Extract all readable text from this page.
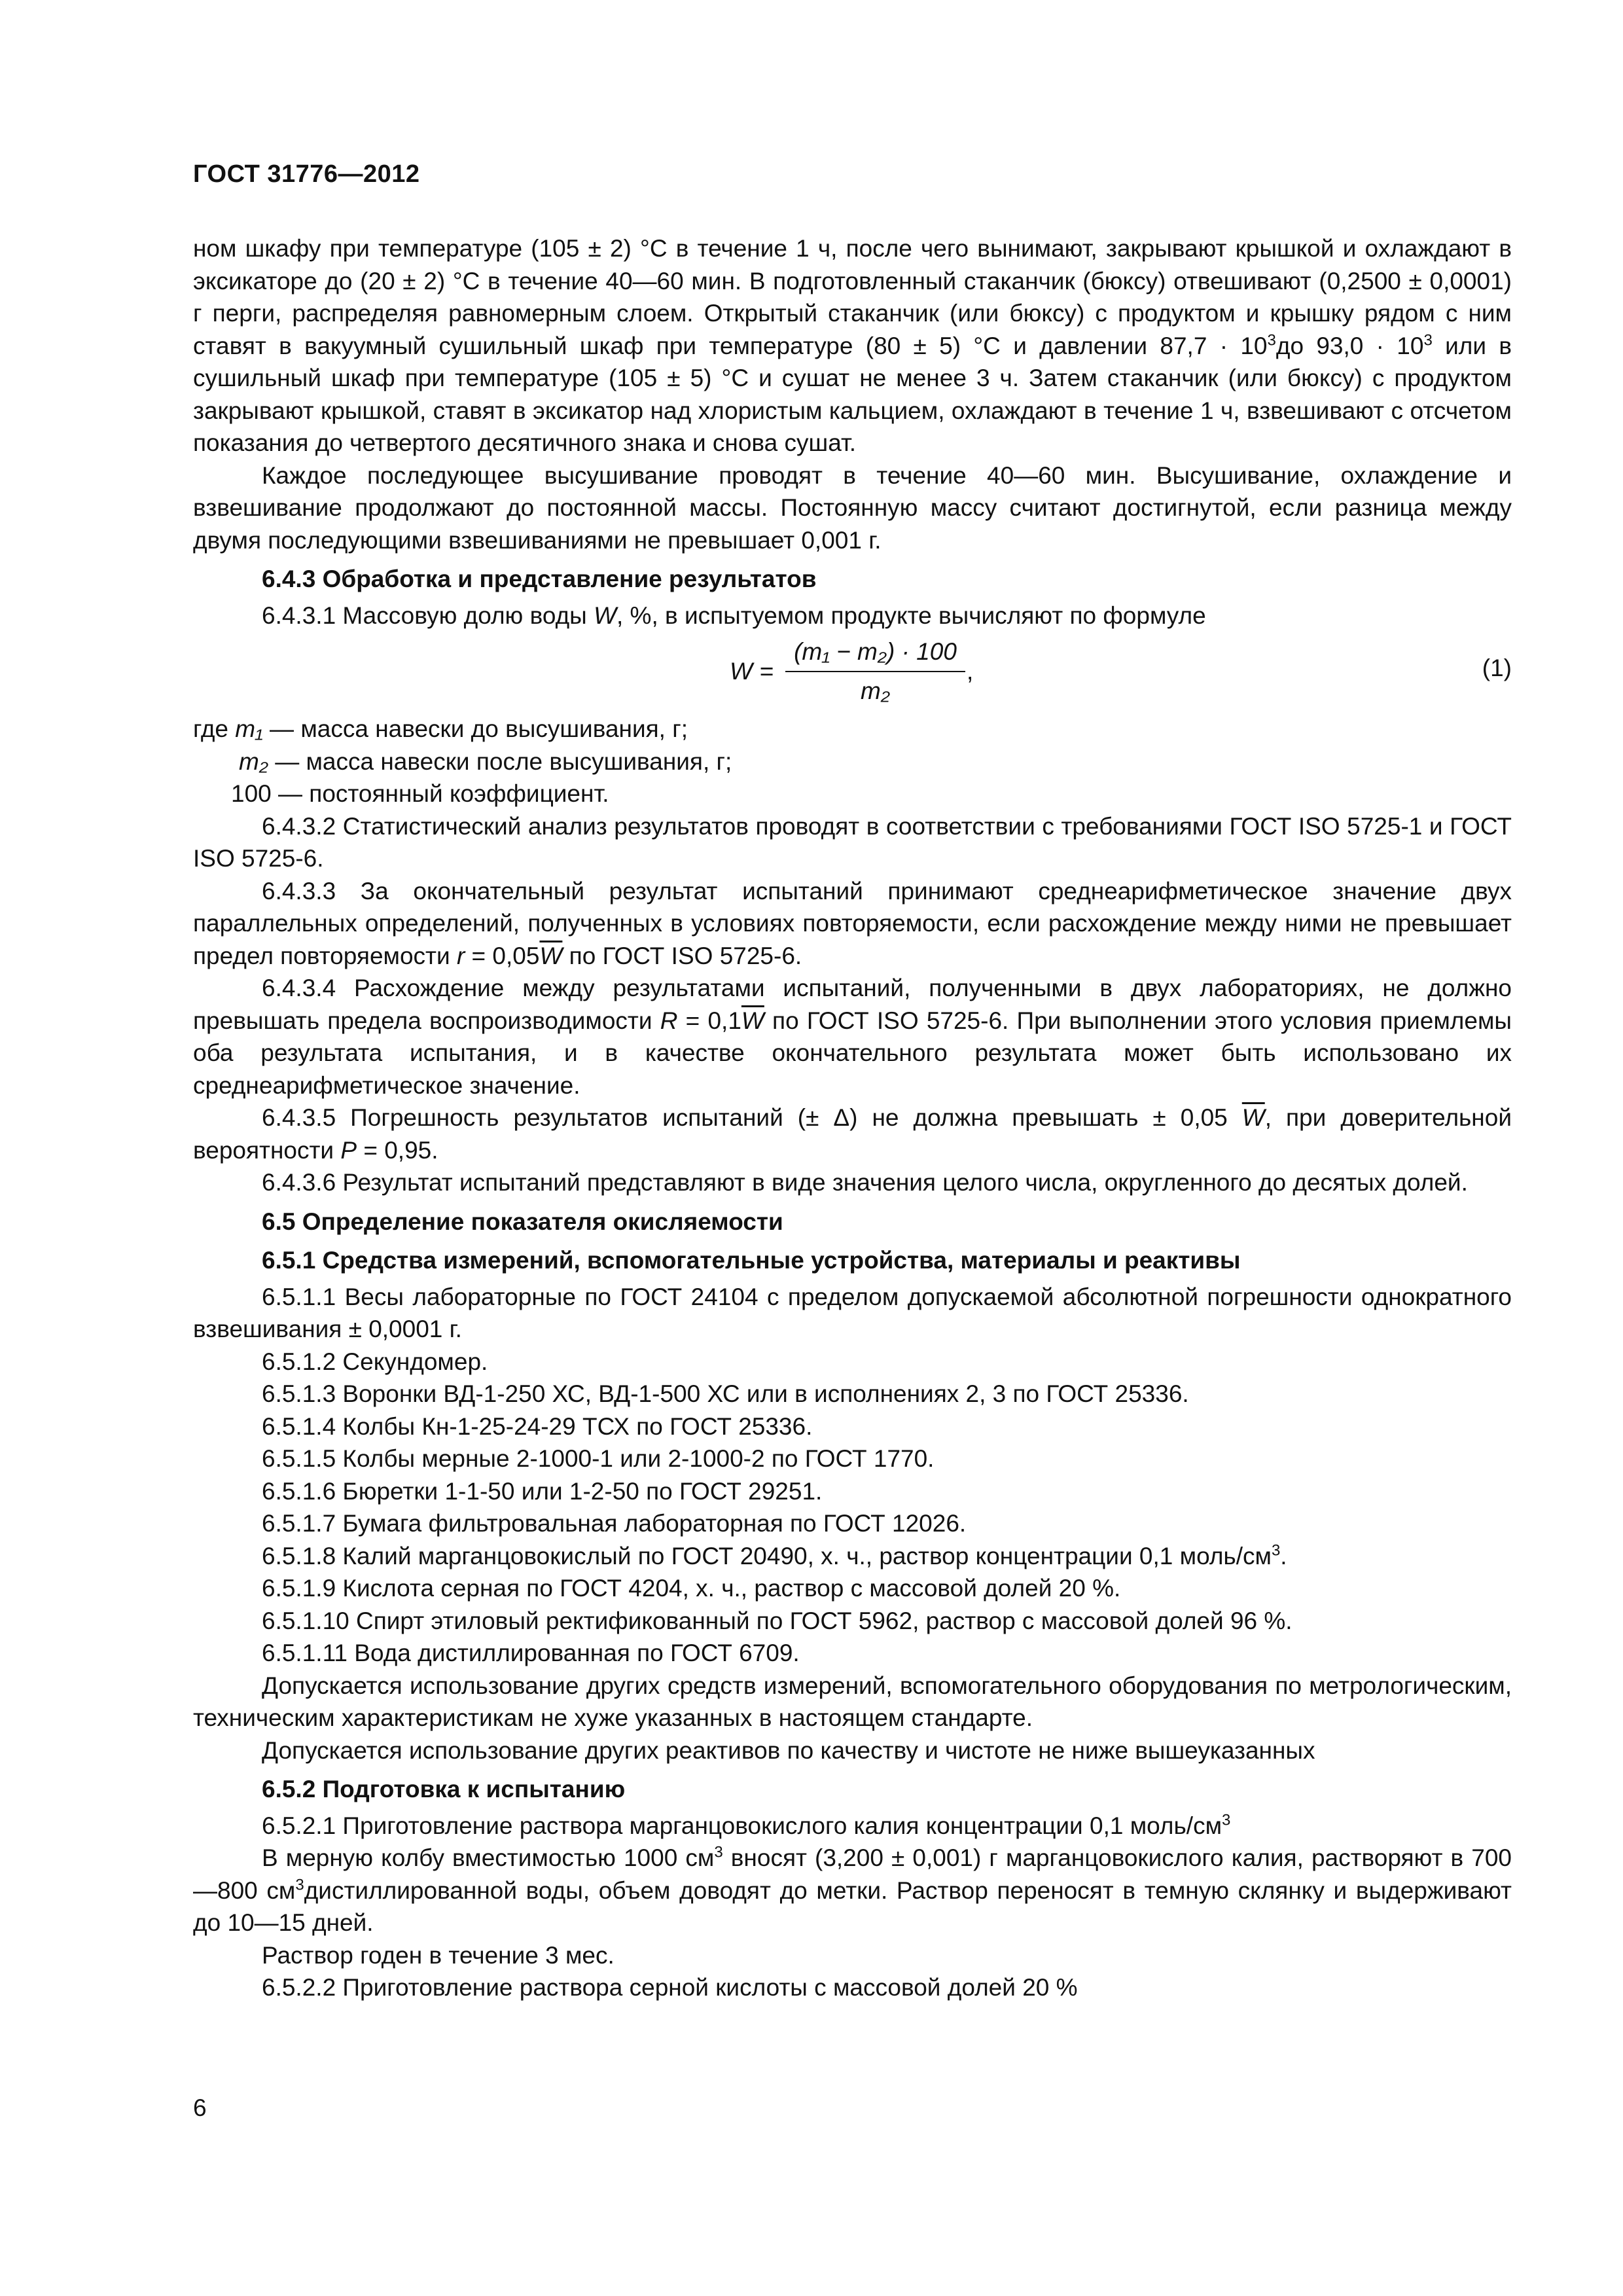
ГОСТ 31776—2012

ном шкафу при температуре (105 ± 2) °С в течение 1 ч, после чего вынимают, закрывают крышкой и охлаждают в эксикаторе до (20 ± 2) °С в течение 40—60 мин. В подготовленный стаканчик (бюксу) отвешивают (0,2500 ± 0,0001) г перги, распределяя равномерным слоем. Открытый стаканчик (или бюксу) с продуктом и крышку рядом с ним ставят в вакуумный сушильный шкаф при температуре (80 ± 5) °С и давлении $87,7 \cdot 10^3до$ $93,0 \cdot 10^3$ или в сушильный шкаф при температуре (105 ± 5) °С и сушат не менее 3 ч. Затем стаканчик (или бюксу) с продуктом закрывают крышкой, ставят в эксикатор над хлористым кальцием, охлаждают в течение 1 ч, взвешивают с отсчетом показания до четвертого десятичного знака и снова сушат.

Каждое последующее высушивание проводят в течение 40—60 мин. Высушивание, охлаждение и взвешивание продолжают до постоянной массы. Постоянную массу считают достигнутой, если разница между двумя последующими взвешиваниями не превышает 0,001 г.

6.4.3 Обработка и представление результатов

6.4.3.1 Массовую долю воды W, %, в испытуемом продукте вычисляют по формуле

$W = \frac{\text{(m₁ − m₂) · 100}}{\text{m₂}}$ ,	(1)

где m₁ — масса навески до высушивания, г;

m₂ — масса навески после высушивания, г;

100 — постоянный коэффициент.

6.4.3.2 Статистический анализ результатов проводят в соответствии с требованиями ГОСТ ISO 5725-1 и ГОСТ ISO 5725-6.

6.4.3.3 За окончательный результат испытаний принимают среднеарифметическое значение двух параллельных определений, полученных в условиях повторяемости, если расхождение между ними не превышает предел повторяемости $r = 0,05\overline{W}$ по ГОСТ ISO 5725-6.

6.4.3.4 Расхождение между результатами испытаний, полученными в двух лабораториях, не должно превышать предела воспроизводимости $R = 0,1\overline{W}$ по ГОСТ ISO 5725-6. При выполнении этого условия приемлемы оба результата испытания, и в качестве окончательного результата может быть использовано их среднеарифметическое значение.

6.4.3.5 Погрешность результатов испытаний (± Δ) не должна превышать ± 0,05 $\overline{W}$, при доверительной вероятности P = 0,95.

6.4.3.6 Результат испытаний представляют в виде значения целого числа, округленного до десятых долей.

6.5 Определение показателя окисляемости

6.5.1 Средства измерений, вспомогательные устройства, материалы и реактивы

6.5.1.1 Весы лабораторные по ГОСТ 24104 с пределом допускаемой абсолютной погрешности однократного взвешивания ± 0,0001 г.

6.5.1.2 Секундомер.

6.5.1.3 Воронки ВД-1-250 ХС, ВД-1-500 ХС или в исполнениях 2, 3 по ГОСТ 25336.

6.5.1.4 Колбы Кн-1-25-24-29 ТСХ по ГОСТ 25336.

6.5.1.5 Колбы мерные 2-1000-1 или 2-1000-2 по ГОСТ 1770.

6.5.1.6 Бюретки 1-1-50 или 1-2-50 по ГОСТ 29251.

6.5.1.7 Бумага фильтровальная лабораторная по ГОСТ 12026.

6.5.1.8 Калий марганцовокислый по ГОСТ 20490, х. ч., раствор концентрации 0,1 моль/$см^3$.

6.5.1.9 Кислота серная по ГОСТ 4204, х. ч., раствор с массовой долей 20 %.

6.5.1.10 Спирт этиловый ректификованный по ГОСТ 5962, раствор с массовой долей 96 %.

6.5.1.11 Вода дистиллированная по ГОСТ 6709.

Допускается использование других средств измерений, вспомогательного оборудования по метрологическим, техническим характеристикам не хуже указанных в настоящем стандарте.

Допускается использование других реактивов по качеству и чистоте не ниже вышеуказанных

6.5.2 Подготовка к испытанию

6.5.2.1 Приготовление раствора марганцовокислого калия концентрации 0,1 моль/$см^3$

В мерную колбу вместимостью 1000 $см^3$ вносят (3,200 ± 0,001) г марганцовокислого калия, растворяют в 700—800 $см^3дистиллированной$ воды, объем доводят до метки. Раствор переносят в темную склянку и выдерживают до 10—15 дней.

Раствор годен в течение 3 мес.

6.5.2.2 Приготовление раствора серной кислоты с массовой долей 20 %

6
